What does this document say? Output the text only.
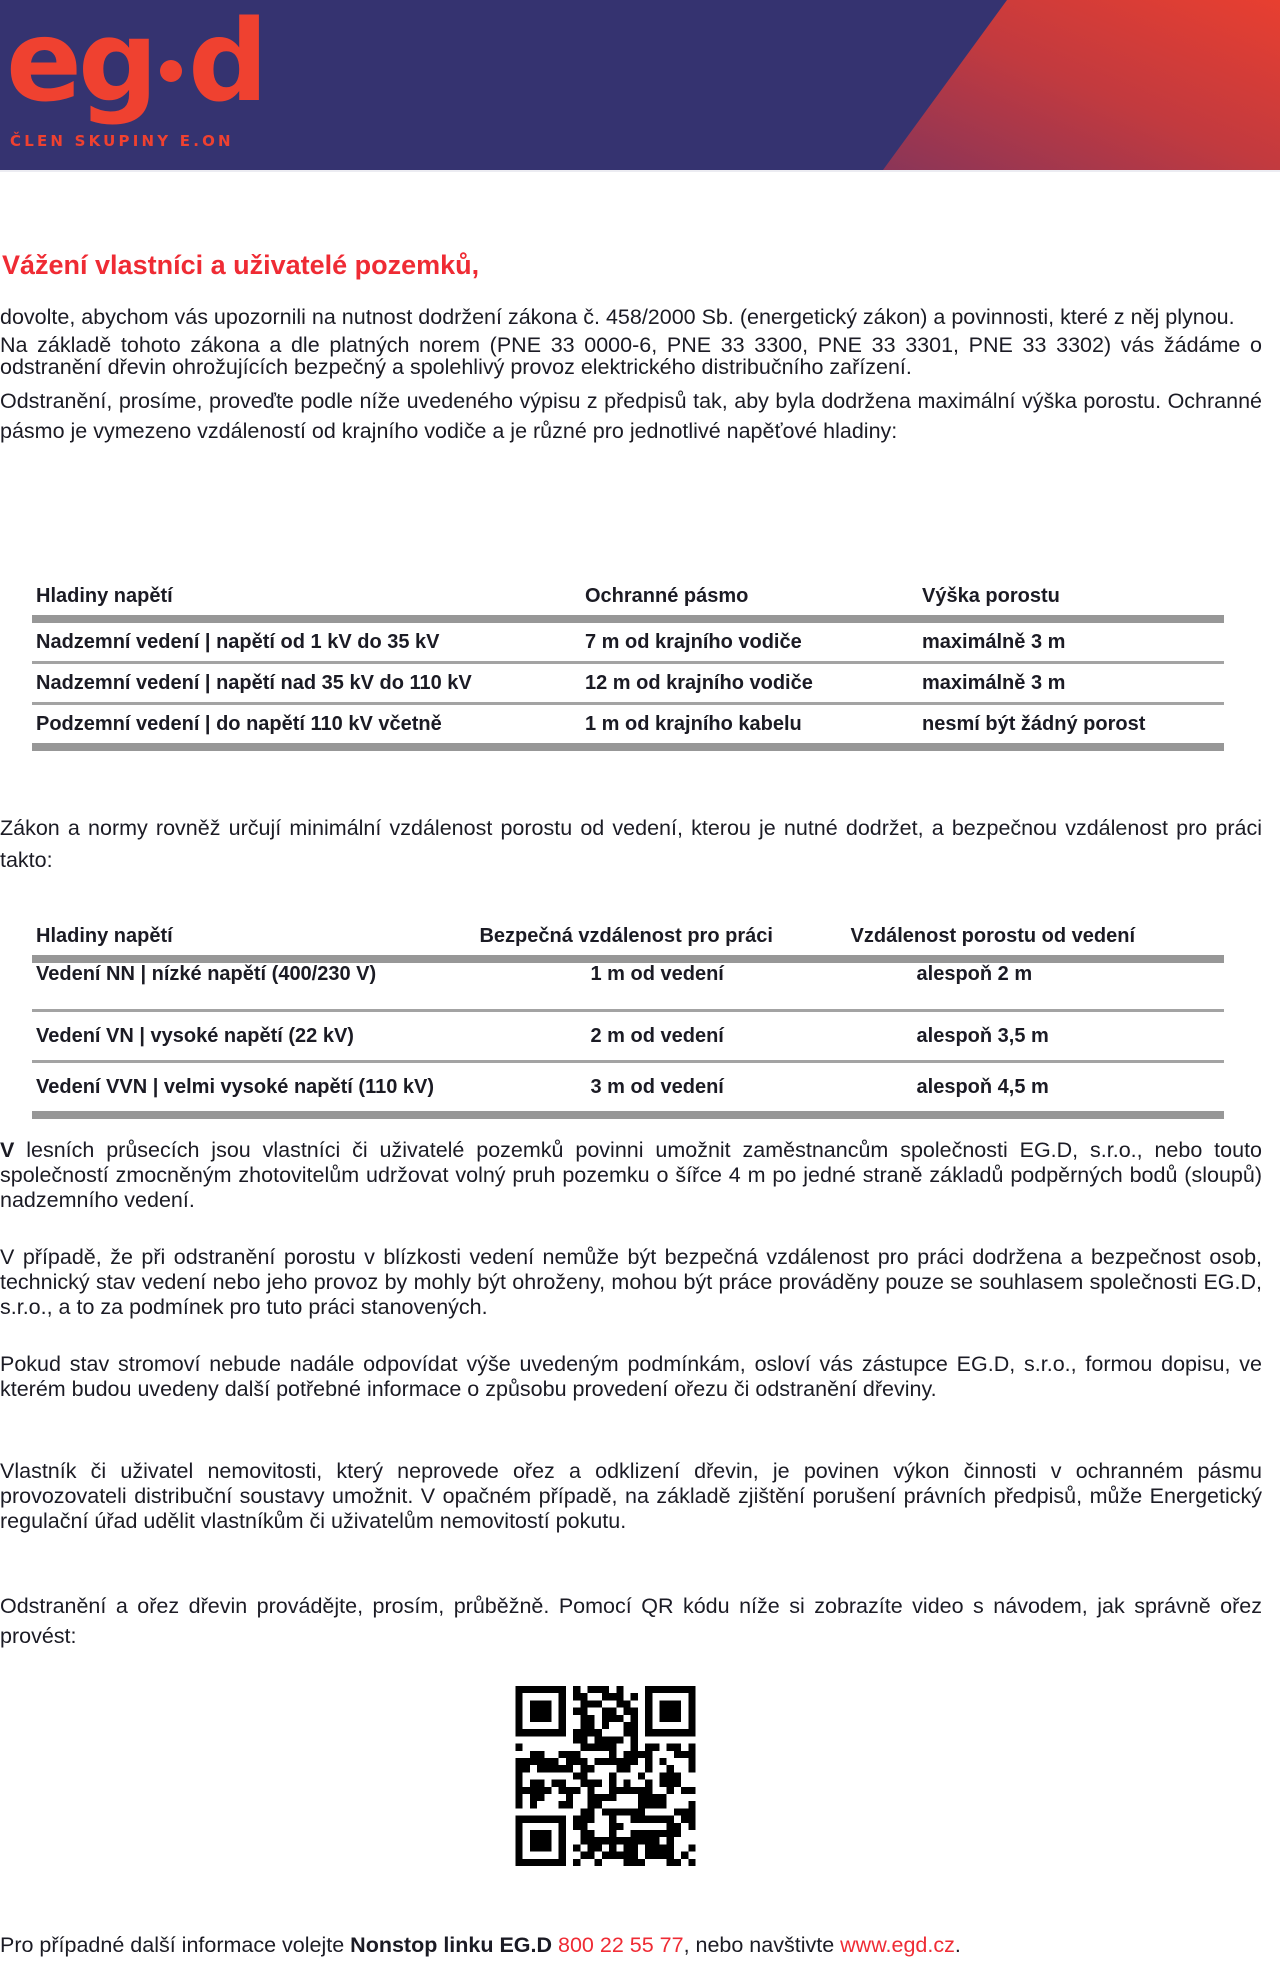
eg d
ČLEN SKUPINY E.ON
Vážení vlastníci a uživatelé pozemků,

dovolte, abychom vás upozornili na nutnost dodržení zákona č. 458/2000 Sb. (energetický zákon) a povinnosti, které z něj plynou.

Na základě tohoto zákona a dle platných norem (PNE 33 0000-6, PNE 33 3300, PNE 33 3301, PNE 33 3302) vás žádáme o odstranění dřevin ohrožujících bezpečný a spolehlivý provoz elektrického distribučního zařízení.

Odstranění, prosíme, proveďte podle níže uvedeného výpisu z předpisů tak, aby byla dodržena maximální výška porostu. Ochranné pásmo je vymezeno vzdáleností od krajního vodiče a je různé pro jednotlivé napěťové hladiny:

Hladiny napětí	Ochranné pásmo	Výška porostu
Nadzemní vedení | napětí od 1 kV do 35 kV	7 m od krajního vodiče	maximálně 3 m
Nadzemní vedení | napětí nad 35 kV do 110 kV	12 m od krajního vodiče	maximálně 3 m
Podzemní vedení | do napětí 110 kV včetně	1 m od krajního kabelu	nesmí být žádný porost

Zákon a normy rovněž určují minimální vzdálenost porostu od vedení, kterou je nutné dodržet, a bezpečnou vzdálenost pro práci takto:

Hladiny napětí	Bezpečná vzdálenost pro práci	Vzdálenost porostu od vedení
Vedení NN | nízké napětí (400/230 V)	1 m od vedení	alespoň 2 m
Vedení VN | vysoké napětí (22 kV)	2 m od vedení	alespoň 3,5 m
Vedení VVN | velmi vysoké napětí (110 kV)	3 m od vedení	alespoň 4,5 m

V lesních průsecích jsou vlastníci či uživatelé pozemků povinni umožnit zaměstnancům společnosti EG.D, s.r.o., nebo touto společností zmocněným zhotovitelům udržovat volný pruh pozemku o šířce 4 m po jedné straně základů podpěrných bodů (sloupů) nadzemního vedení.

V případě, že při odstranění porostu v blízkosti vedení nemůže být bezpečná vzdálenost pro práci dodržena a bezpečnost osob, technický stav vedení nebo jeho provoz by mohly být ohroženy, mohou být práce prováděny pouze se souhlasem společnosti EG.D, s.r.o., a to za podmínek pro tuto práci stanovených.

Pokud stav stromoví nebude nadále odpovídat výše uvedeným podmínkám, osloví vás zástupce EG.D, s.r.o., formou dopisu, ve kterém budou uvedeny další potřebné informace o způsobu provedení ořezu či odstranění dřeviny.

Vlastník či uživatel nemovitosti, který neprovede ořez a odklizení dřevin, je povinen výkon činnosti v ochranném pásmu provozovateli distribuční soustavy umožnit. V opačném případě, na základě zjištění porušení právních předpisů, může Energetický regulační úřad udělit vlastníkům či uživatelům nemovitostí pokutu.

Odstranění a ořez dřevin provádějte, prosím, průběžně. Pomocí QR kódu níže si zobrazíte video s návodem, jak správně ořez provést:

Pro případné další informace volejte Nonstop linku EG.D 800 22 55 77, nebo navštivte www.egd.cz.
